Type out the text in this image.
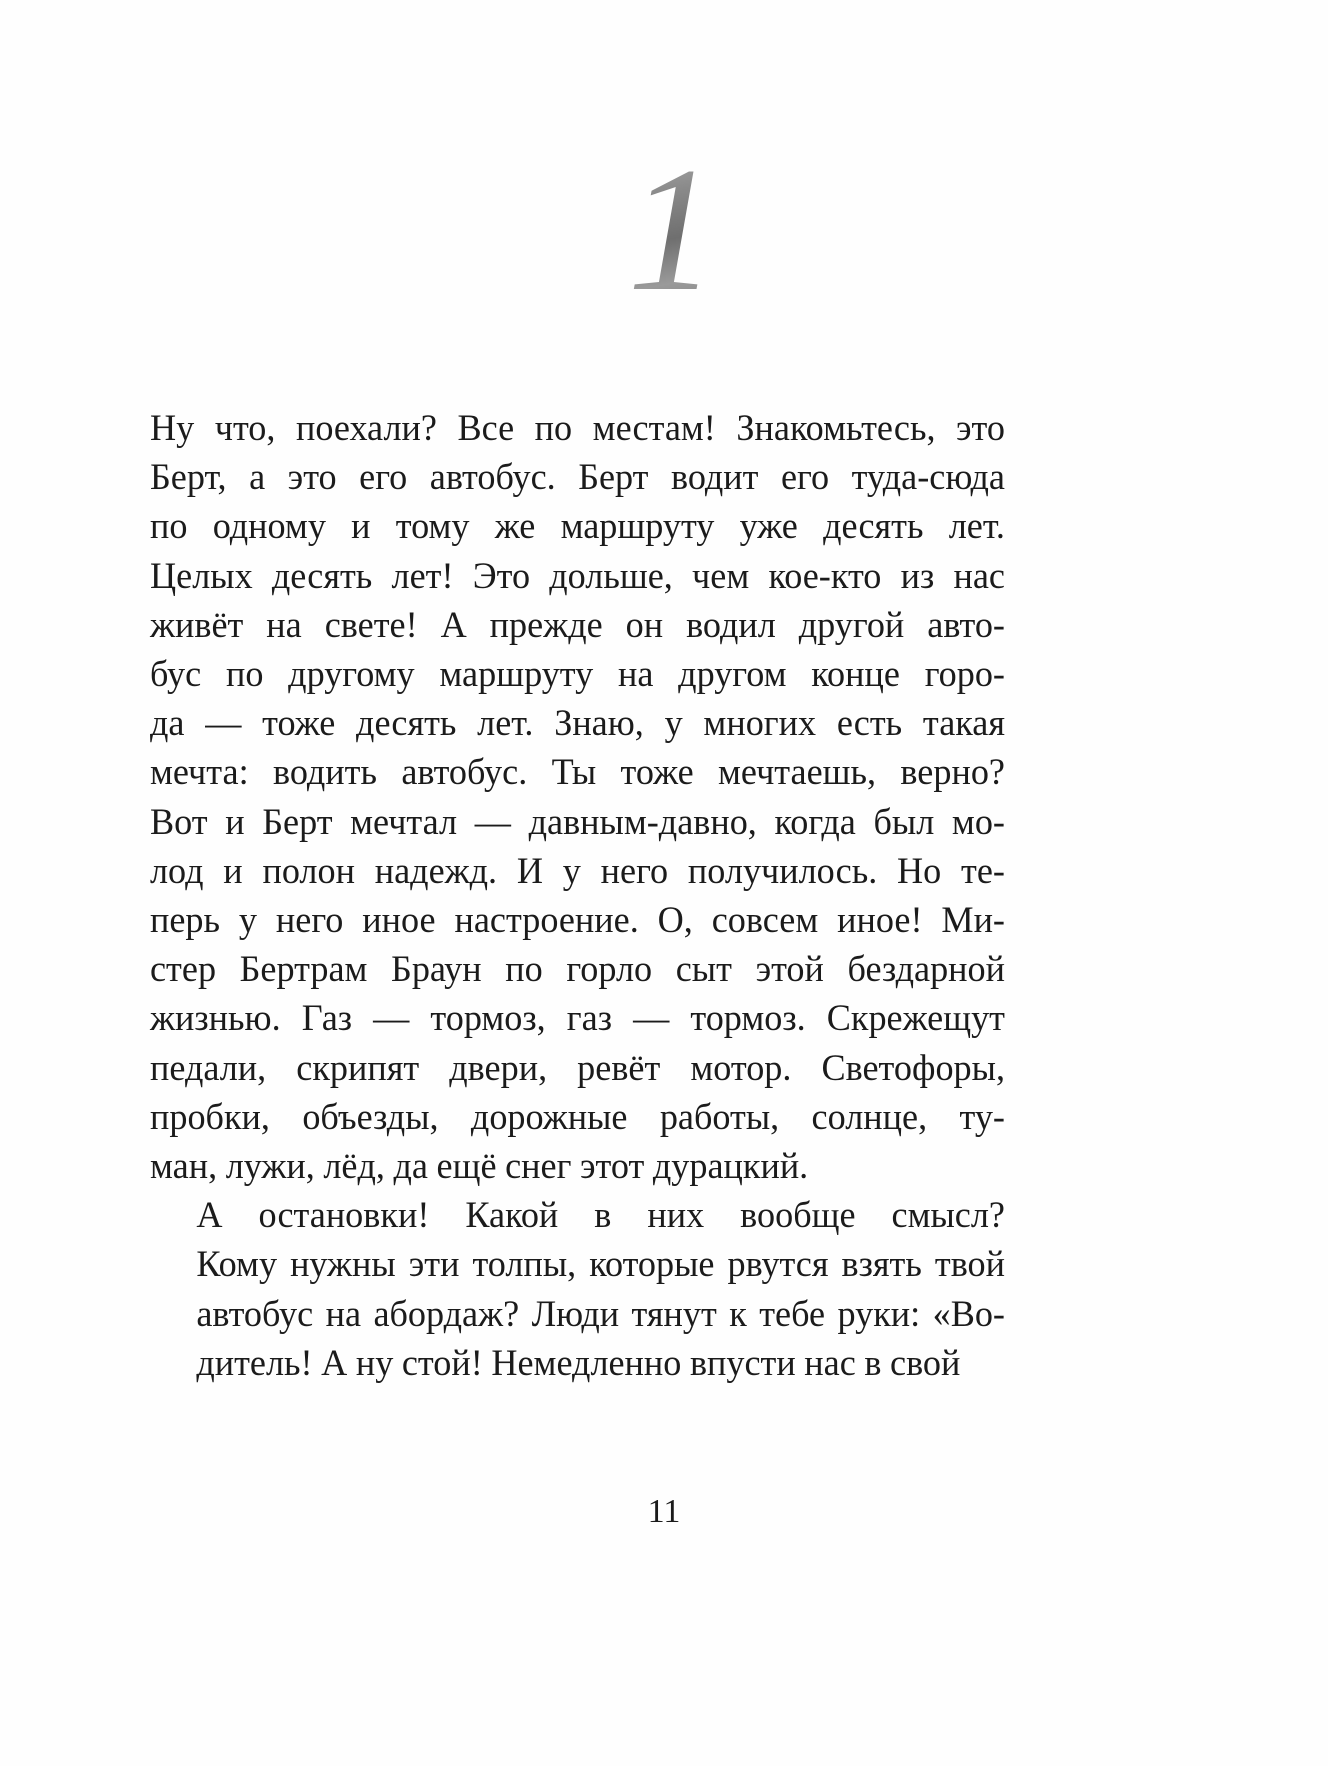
1

Ну что, поехали? Все по местам! Знакомьтесь, это
Берт, а это его автобус. Берт водит его туда-сюда
по одному и тому же маршруту уже десять лет.
Целых десять лет! Это дольше, чем кое-кто из нас
живёт на свете! А прежде он водил другой авто-
бус по другому маршруту на другом конце горо-
да — тоже десять лет. Знаю, у многих есть такая
мечта: водить автобус. Ты тоже мечтаешь, верно?
Вот и Берт мечтал — давным-давно, когда был мо-
лод и полон надежд. И у него получилось. Но те-
перь у него иное настроение. О, совсем иное! Ми-
стер Бертрам Браун по горло сыт этой бездарной
жизнью. Газ — тормоз, газ — тормоз. Скрежещут
педали, скрипят двери, ревёт мотор. Светофоры,
пробки, объезды, дорожные работы, солнце, ту-
ман, лужи, лёд, да ещё снег этот дурацкий.

А остановки! Какой в них вообще смысл?
Кому нужны эти толпы, которые рвутся взять твой
автобус на абордаж? Люди тянут к тебе руки: «Во-
дитель! А ну стой! Немедленно впусти нас в свой

11
